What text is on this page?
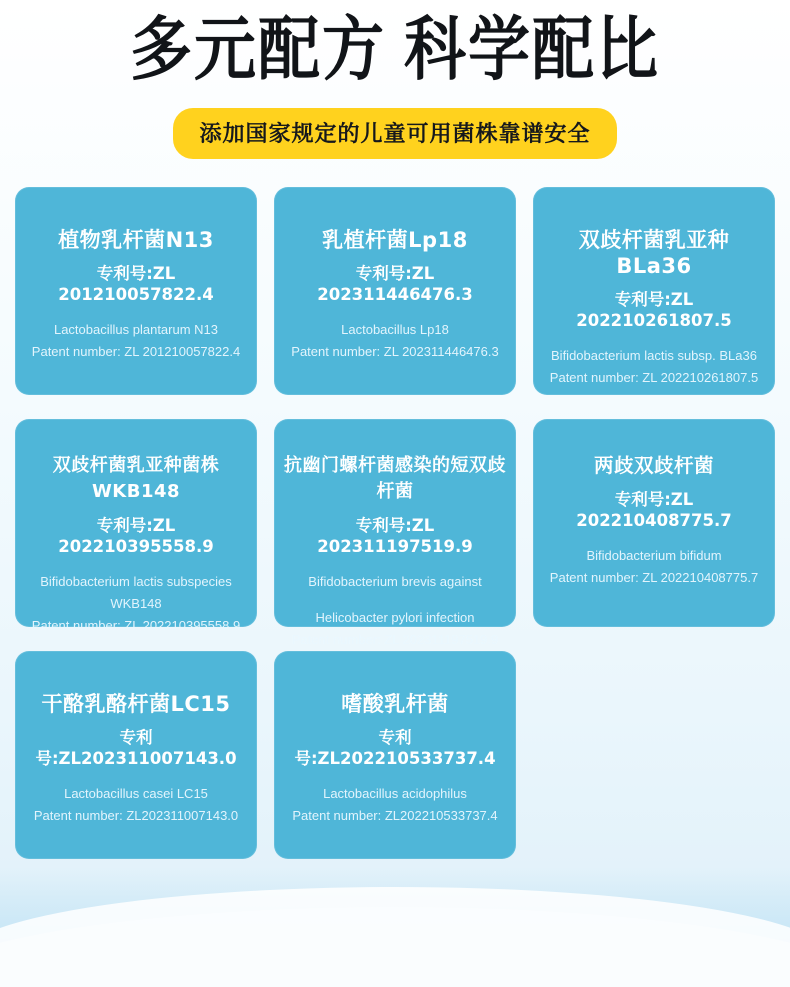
多元配方 科学配比
添加国家规定的儿童可用菌株靠谱安全
植物乳杆菌N13
专利号:ZL 201210057822.4
Lactobacillus plantarum N13
Patent number: ZL 201210057822.4
乳植杆菌Lp18
专利号:ZL 202311446476.3
Lactobacillus Lp18
Patent number: ZL 202311446476.3
双歧杆菌乳亚种BLa36
专利号:ZL 202210261807.5
Bifidobacterium lactis subsp. BLa36
Patent number: ZL 202210261807.5
双歧杆菌乳亚种菌株WKB148
专利号:ZL 202210395558.9
Bifidobacterium lactis subspecies WKB148
Patent number: ZL 202210395558.9
抗幽门螺杆菌感染的短双歧杆菌
专利号:ZL 202311197519.9
Bifidobacterium brevis against
Helicobacter pylori infection
Patent number: ZL 202311197519.9
两歧双歧杆菌
专利号:ZL 202210408775.7
Bifidobacterium bifidum
Patent number: ZL 202210408775.7
干酪乳酪杆菌LC15
专利号:ZL202311007143.0
Lactobacillus casei LC15
Patent number: ZL202311007143.0
嗜酸乳杆菌
专利号:ZL202210533737.4
Lactobacillus acidophilus
Patent number: ZL202210533737.4
